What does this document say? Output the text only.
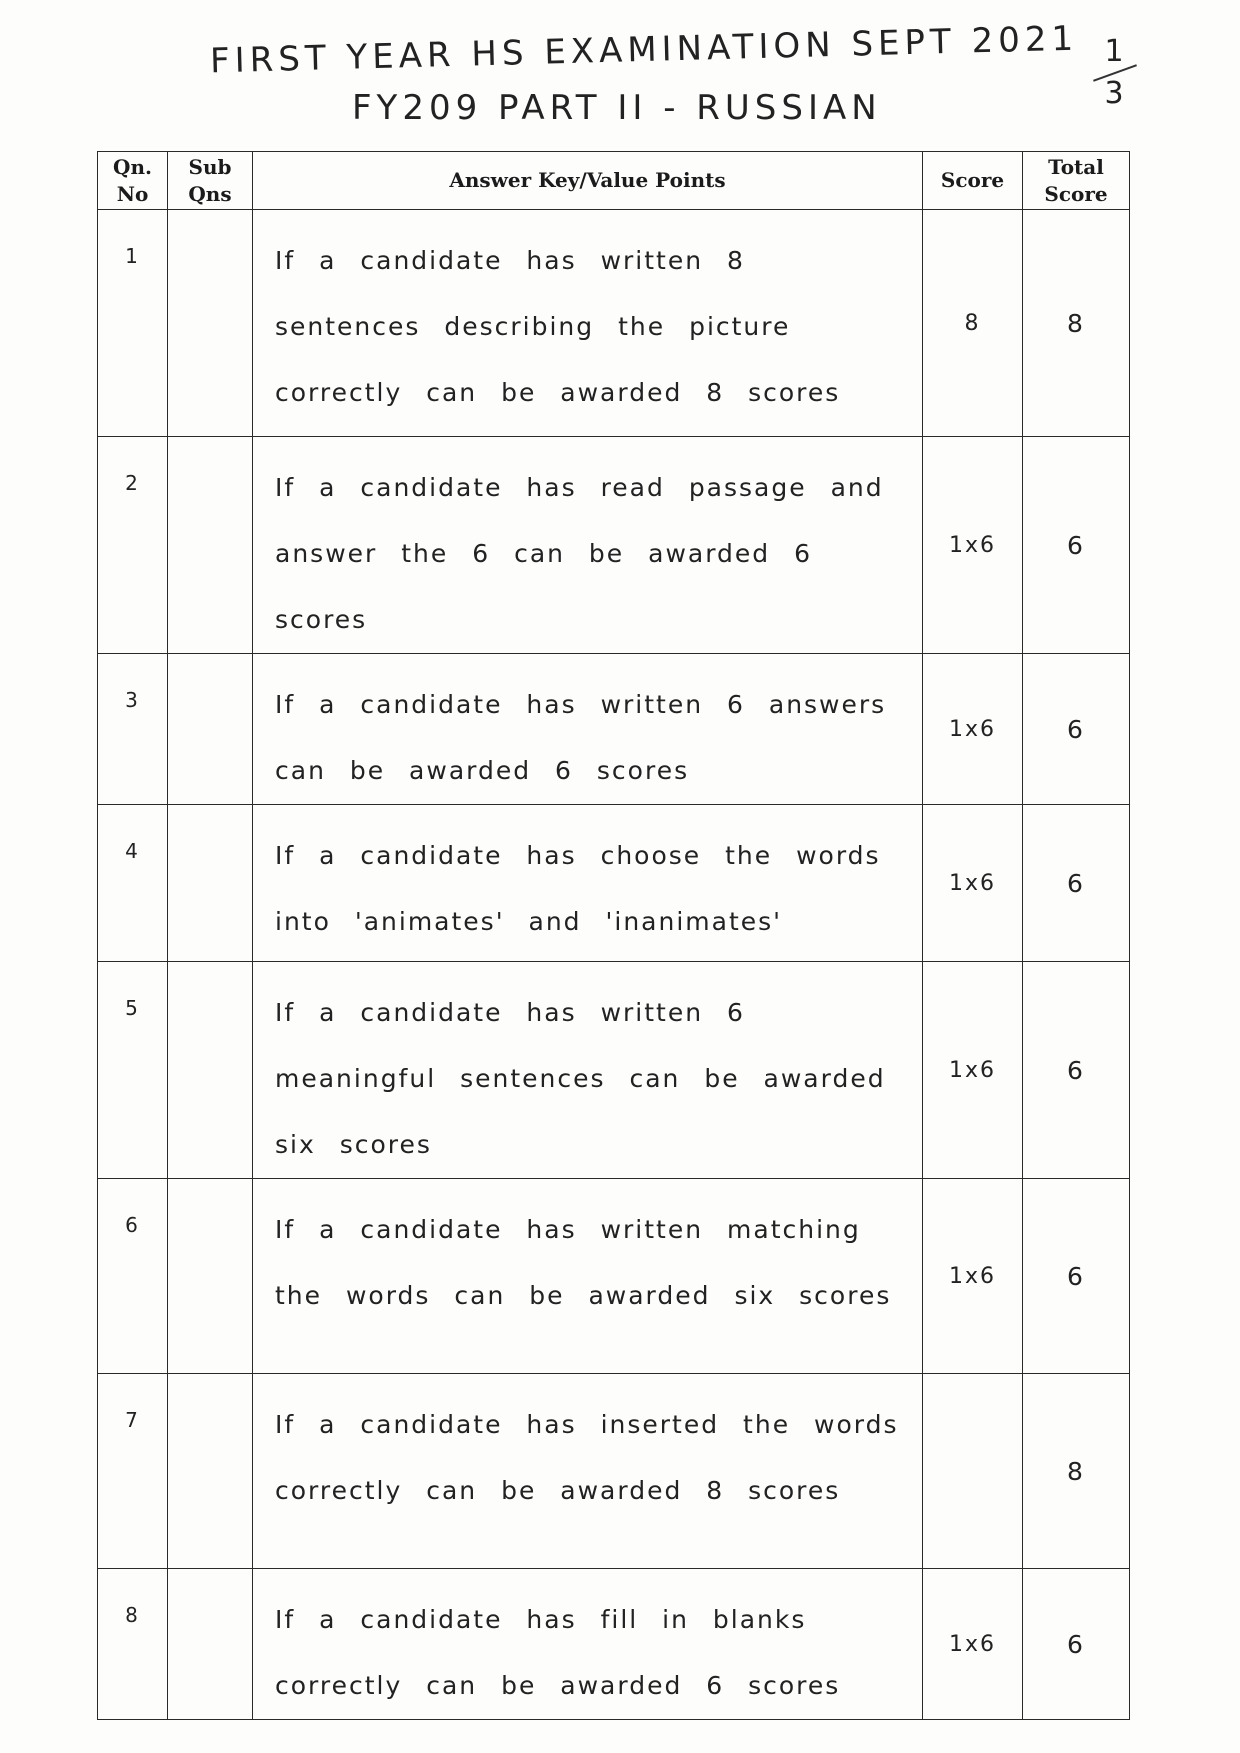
FIRST YEAR HS EXAMINATION SEPT 2021
FY209 PART II - RUSSIAN
1
3
Qn. No	Sub Qns	Answer Key/Value Points	Score	Total Score
1		If a candidate has written 8 sentences describing the picture correctly can be awarded 8 scores	8	8
2		If a candidate has read passage and answer the 6 can be awarded 6 scores	1x6	6
3		If a candidate has written 6 answers can be awarded 6 scores	1x6	6
4		If a candidate has choose the words into 'animates' and 'inanimates'	1x6	6
5		If a candidate has written 6 meaningful sentences can be awarded six scores	1x6	6
6		If a candidate has written matching the words can be awarded six scores	1x6	6
7		If a candidate has inserted the words correctly can be awarded 8 scores		8
8		If a candidate has fill in blanks correctly can be awarded 6 scores	1x6	6
